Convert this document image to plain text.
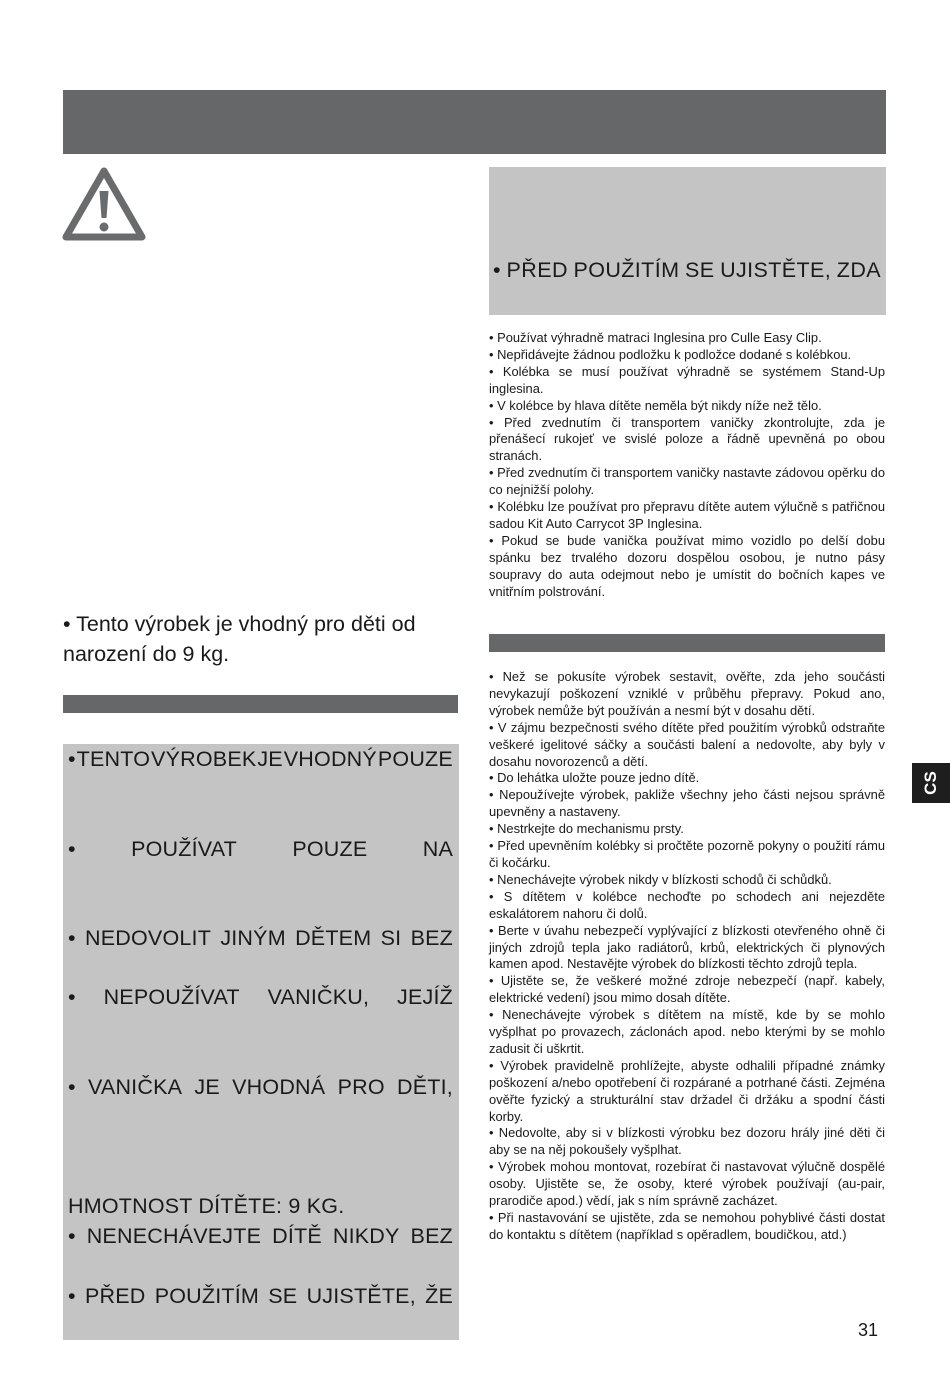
• PŘED POUŽITÍM SE UJISTĚTE, ZDA
• Používat výhradně matraci Inglesina pro Culle Easy Clip.
• Nepřidávejte žádnou podložku k podložce dodané s kolébkou.
• Kolébka se musí používat výhradně se systémem Stand-Up inglesina.
• V kolébce by hlava dítěte neměla být nikdy níže než tělo.
• Před zvednutím či transportem vaničky zkontrolujte, zda je přenášecí rukojeť ve svislé poloze a řádně upevněná po obou stranách.
• Před zvednutím či transportem vaničky nastavte zádovou opěrku do co nejnižší polohy.
• Kolébku lze používat pro přepravu dítěte autem výlučně s patřičnou sadou Kit Auto Carrycot 3P Inglesina.
• Pokud se bude vanička používat mimo vozidlo po delší dobu spánku bez trvalého dozoru dospělou osobou, je nutno pásy soupravy do auta odejmout nebo je umístit do bočních kapes ve vnitřním polstrování.
• Než se pokusíte výrobek sestavit, ověřte, zda jeho součásti nevykazují poškození vzniklé v průběhu přepravy. Pokud ano, výrobek nemůže být používán a nesmí být v dosahu dětí.
• V zájmu bezpečnosti svého dítěte před použitím výrobků odstraňte veškeré igelitové sáčky a součásti balení a nedovolte, aby byly v dosahu novorozenců a dětí.
• Do lehátka uložte pouze jedno dítě.
• Nepoužívejte výrobek, pakliže všechny jeho části nejsou správně upevněny a nastaveny.
• Nestrkejte do mechanismu prsty.
• Před upevněním kolébky si pročtěte pozorně pokyny o použití rámu či kočárku.
• Nenechávejte výrobek nikdy v blízkosti schodů či schůdků.
• S dítětem v kolébce nechoďte po schodech ani nejezděte eskalátorem nahoru či dolů.
• Berte v úvahu nebezpečí vyplývající z blízkosti otevřeného ohně či jiných zdrojů tepla jako radiátorů, krbů, elektrických či plynových kamen apod. Nestavějte výrobek do blízkosti těchto zdrojů tepla.
• Ujistěte se, že veškeré možné zdroje nebezpečí (např. kabely, elektrické vedení) jsou mimo dosah dítěte.
• Nenechávejte výrobek s dítětem na místě, kde by se mohlo vyšplhat po provazech, záclonách apod. nebo kterými by se mohlo zadusit či uškrtit.
• Výrobek pravidelně prohlížejte, abyste odhalili případné známky poškození a/nebo opotřebení či rozpárané a potrhané části. Zejména ověřte fyzický a strukturální stav držadel či držáku a spodní části korby.
• Nedovolte, aby si v blízkosti výrobku bez dozoru hrály jiné děti či aby se na něj pokoušely vyšplhat.
• Výrobek mohou montovat, rozebírat či nastavovat výlučně dospělé osoby. Ujistěte se, že osoby, které výrobek používají (au-pair, prarodiče apod.) vědí, jak s ním správně zacházet.
• Při nastavování se ujistěte, zda se nemohou pohyblivé části dostat do kontaktu s dítětem (například s opěradlem, boudičkou, atd.)
• Tento výrobek je vhodný pro děti od narození do 9 kg.
• TENTO VÝROBEK JE VHODNÝ POUZE
•	POUŽÍVAT	POUZE	NA
• NEDOVOLIT JINÝM DĚTEM SI BEZ
• NEPOUŽÍVAT VANIČKU, JEJÍŽ
• VANIČKA JE VHODNÁ PRO DĚTI,
HMOTNOST DÍTĚTE: 9 KG.
• NENECHÁVEJTE DÍTĚ NIKDY BEZ
• PŘED POUŽITÍM SE UJISTĚTE, ŽE
CS
31
